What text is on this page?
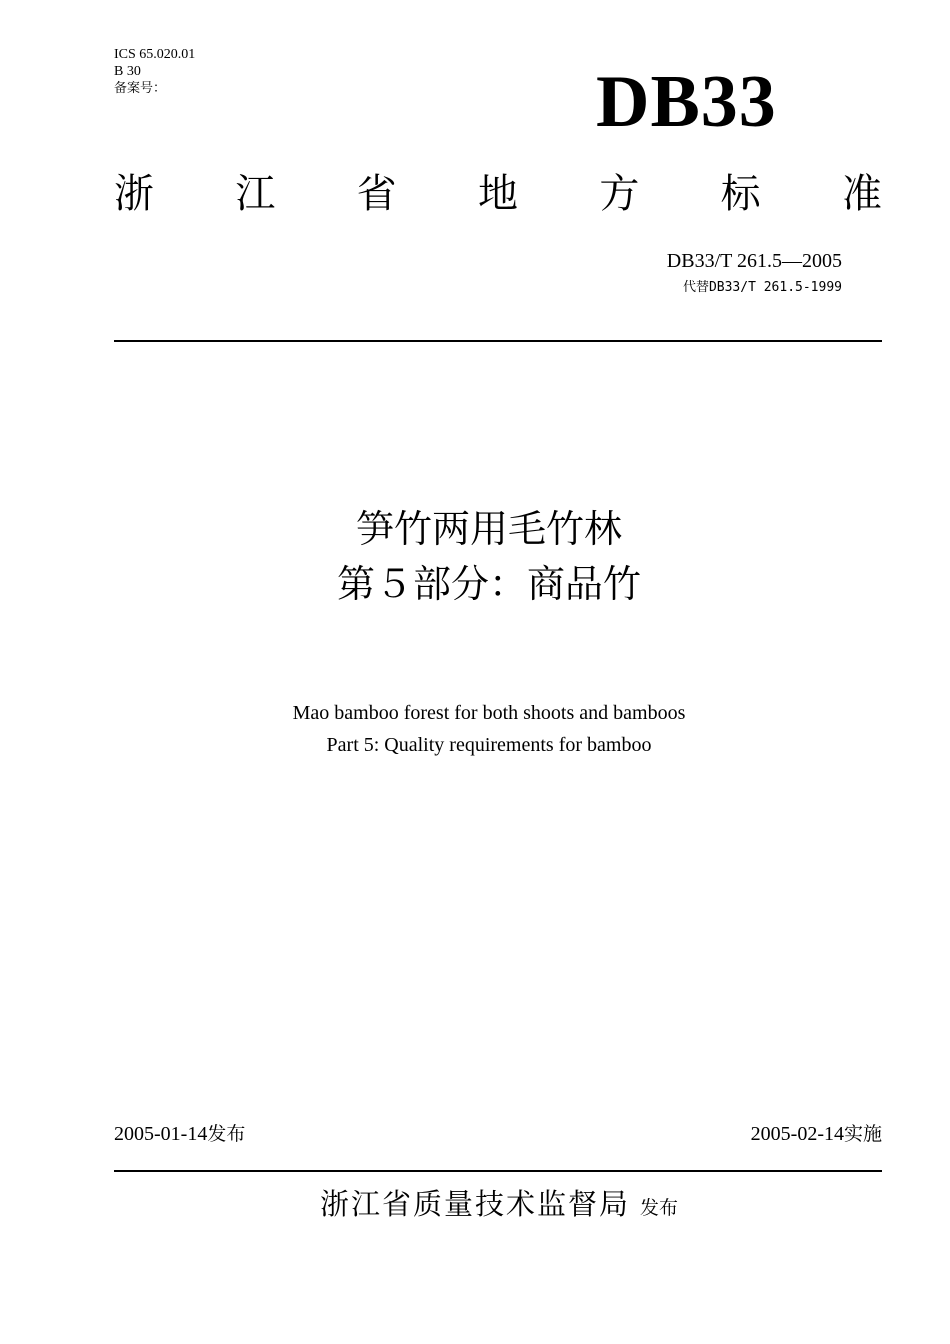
ICS 65.020.01
B 30
备案号：	DB33
浙 江 省 地 方 标 准
DB33/T 261.5—2005
代替DB33/T 261.5-1999
笋竹两用毛竹林
第５部分：商品竹
Mao bamboo forest for both shoots and bamboos
Part 5: Quality requirements for bamboo
2005-01-14发布	2005-02-14实施
浙江省质量技术监督局 发布
